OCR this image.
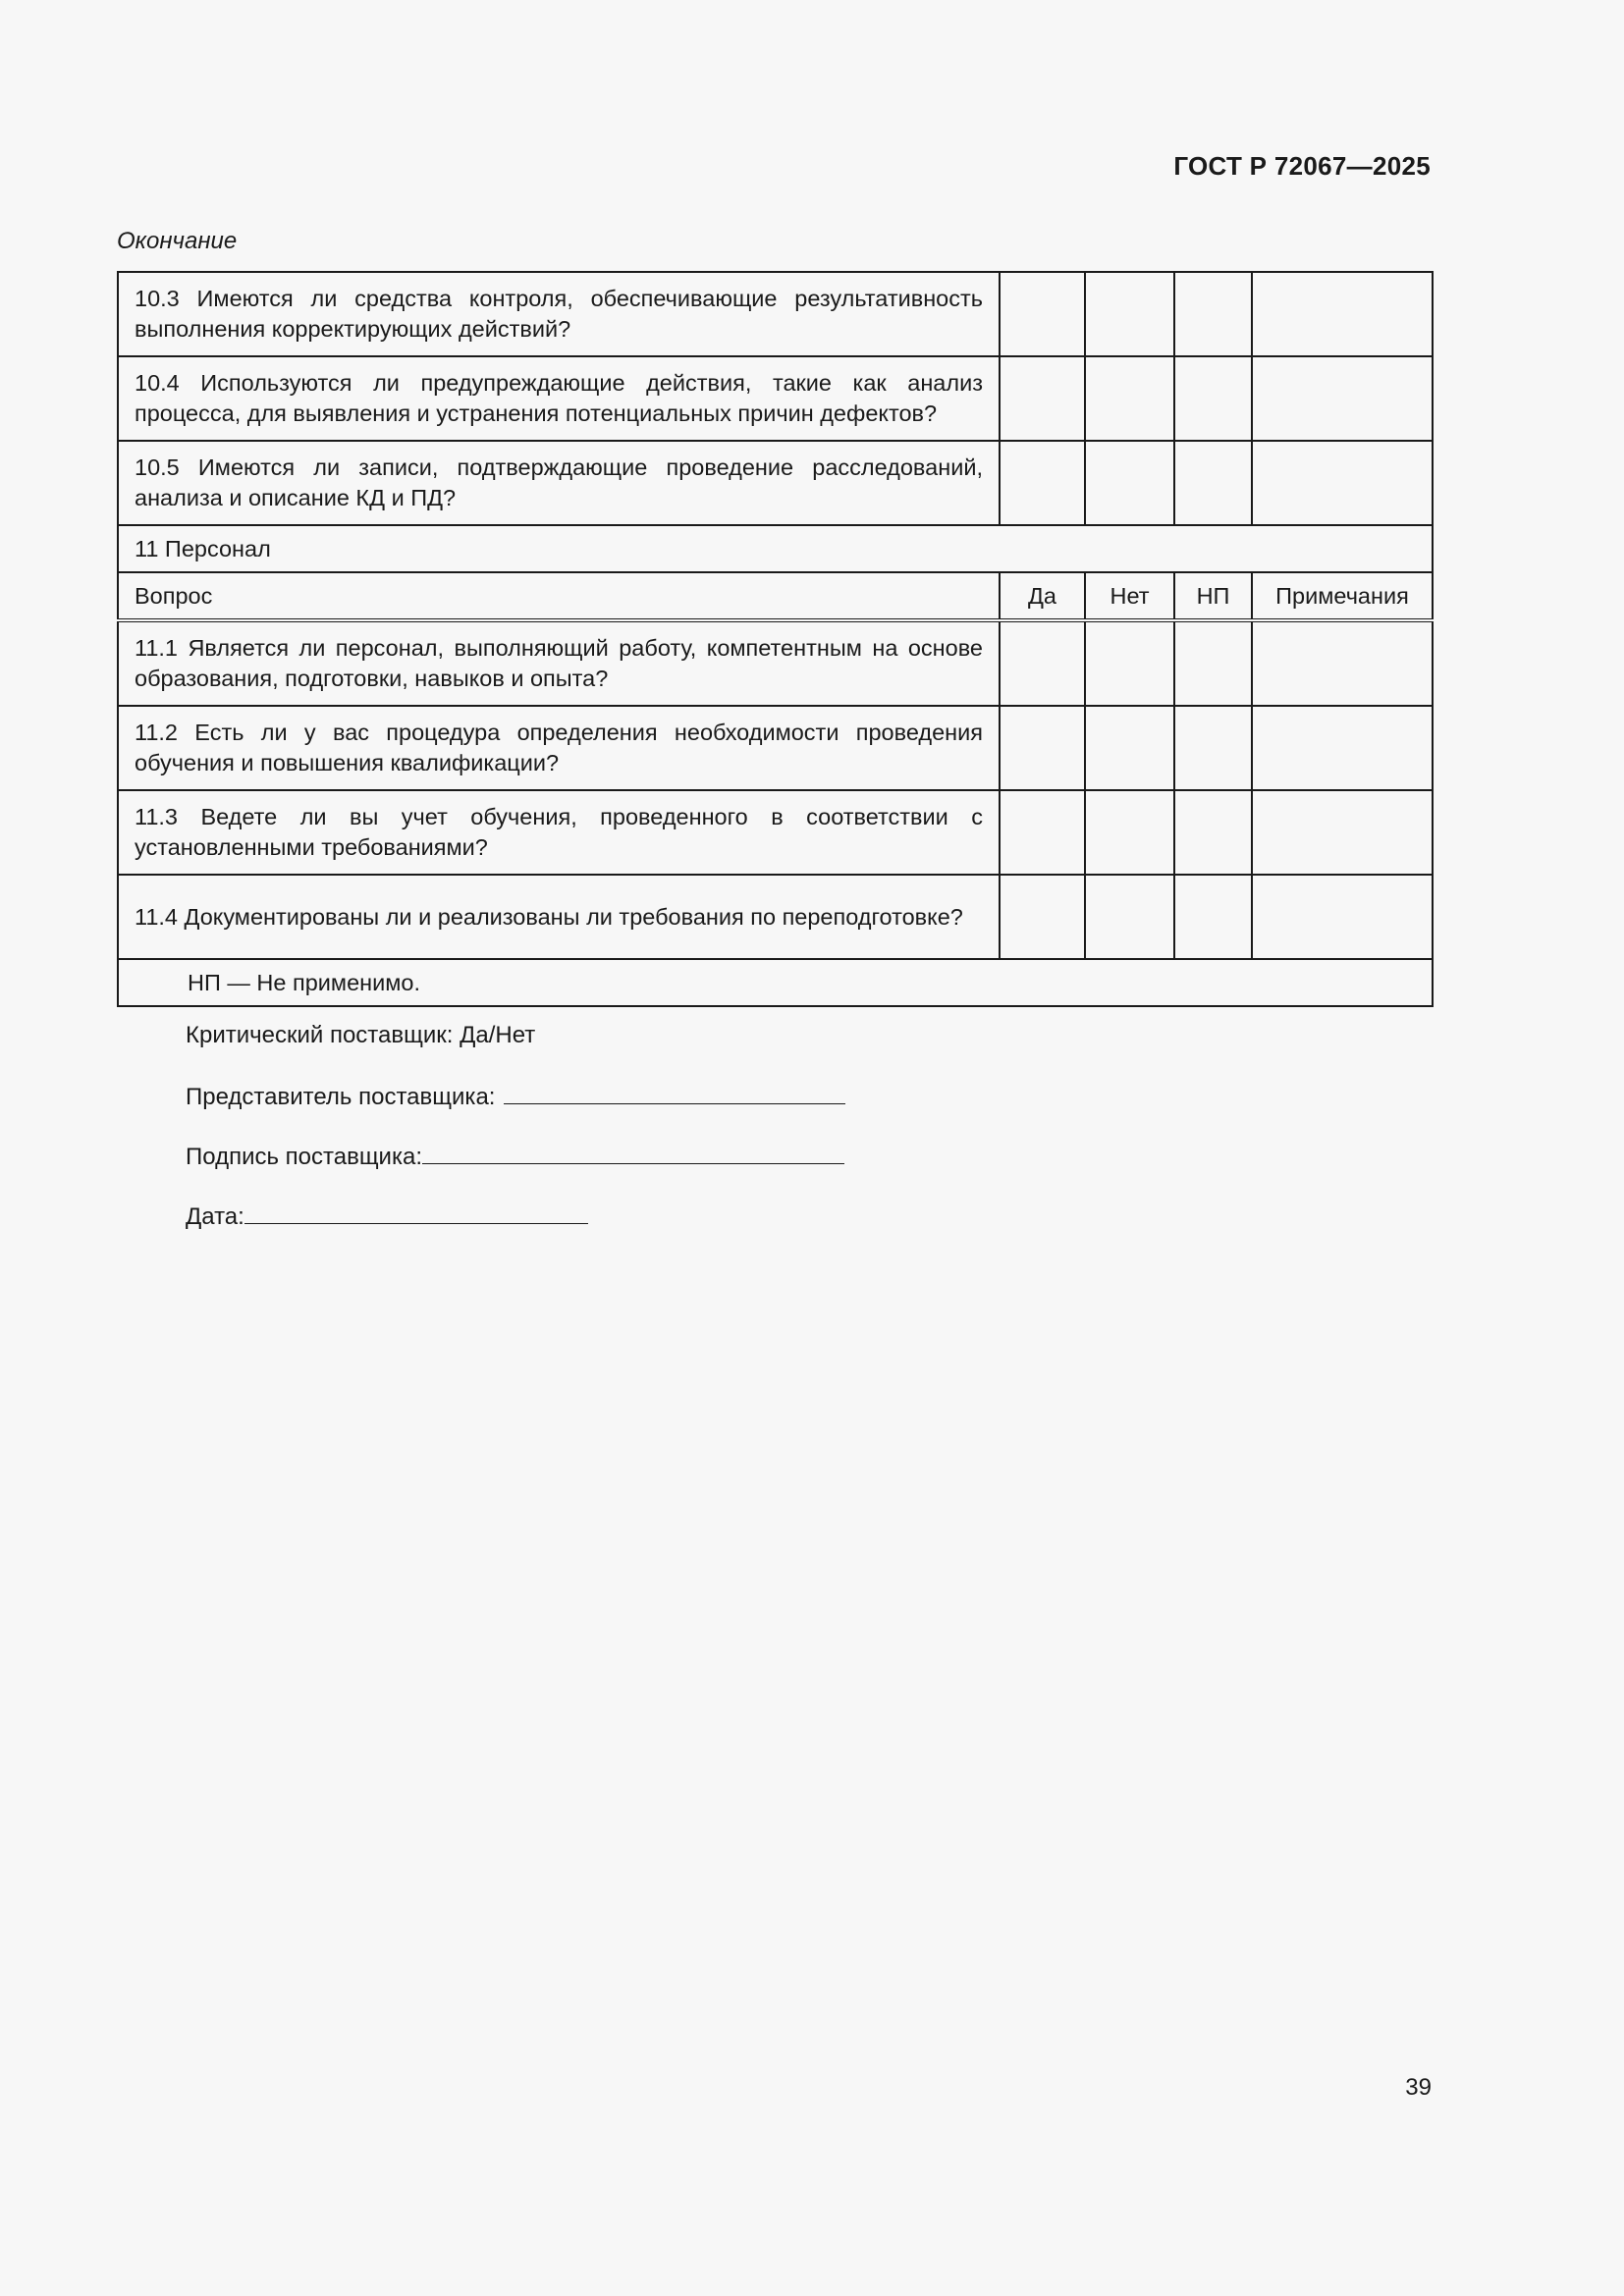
ГОСТ Р 72067—2025
Окончание
10.3 Имеются ли средства контроля, обеспечивающие результативность выполнения корректирующих действий?				
10.4 Используются ли предупреждающие действия, такие как анализ процесса, для выявления и устранения потенциальных причин дефектов?				
10.5 Имеются ли записи, подтверждающие проведение расследований, анализа и описание КД и ПД?				
11 Персонал				
Вопрос	Да	Нет	НП	Примечания
11.1 Является ли персонал, выполняющий работу, компетентным на основе образования, подготовки, навыков и опыта?				
11.2 Есть ли у вас процедура определения необходимости проведения обучения и повышения квалификации?				
11.3 Ведете ли вы учет обучения, проведенного в соответствии с установленными требованиями?				
11.4 Документированы ли и реализованы ли требования по переподготовке?				
НП — Не применимо.				
Критический поставщик: Да/Нет
Представитель поставщика:
Подпись поставщика:
Дата:
39
